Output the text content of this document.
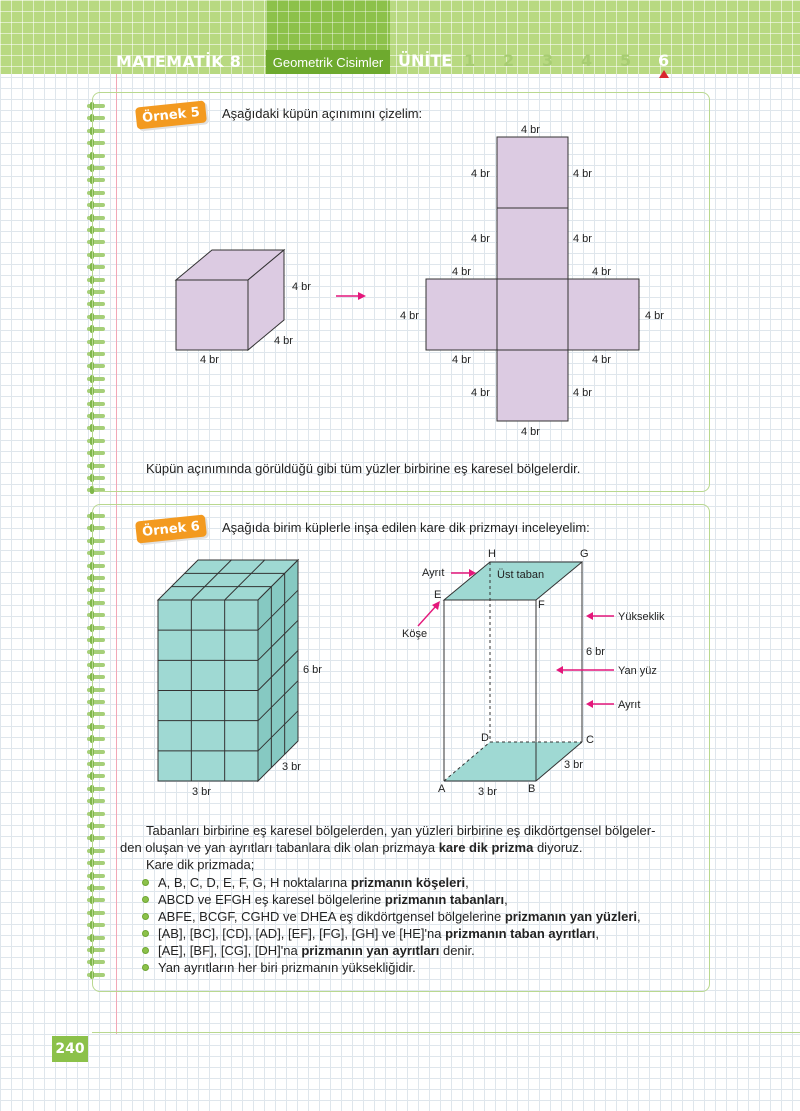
MATEMATİK 8	Geometrik Cisimler ÜNİTE 1 2 3 4 5 6
Örnek 5	Aşağıdaki küpün açınımını çizelim:
4 br
4 br
4 br
4 br
4 br	4 br
4 br	4 br
4 br	4 br
4 br	4 br
4 br	4 br
4 br	4 br
4 br
Küpün açınımında görüldüğü gibi tüm yüzler birbirine eş karesel bölgelerdir.
Örnek 6	Aşağıda birim küplerle inşa edilen kare dik prizmayı inceleyelim:
6 br
3 br
3 br
H	G
E
F
D	C
A	B
Üst taban
Ayrıt
Köşe
Yükseklik
6 br
Yan yüz
Ayrıt
3 br
3 br
Tabanları birbirine eş karesel bölgelerden, yan yüzleri birbirine eş dikdörtgensel bölgeler-
den oluşan ve yan ayrıtları tabanlara dik olan prizmaya kare dik prizma diyoruz.
Kare dik prizmada;
A, B, C, D, E, F, G, H noktalarına prizmanın köşeleri,
ABCD ve EFGH eş karesel bölgelerine prizmanın tabanları,
ABFE, BCGF, CGHD ve DHEA eş dikdörtgensel bölgelerine prizmanın yan yüzleri,
[AB], [BC], [CD], [AD], [EF], [FG], [GH] ve [HE]'na prizmanın taban ayrıtları,
[AE], [BF], [CG], [DH]'na prizmanın yan ayrıtları denir.
Yan ayrıtların her biri prizmanın yüksekliğidir.
240
